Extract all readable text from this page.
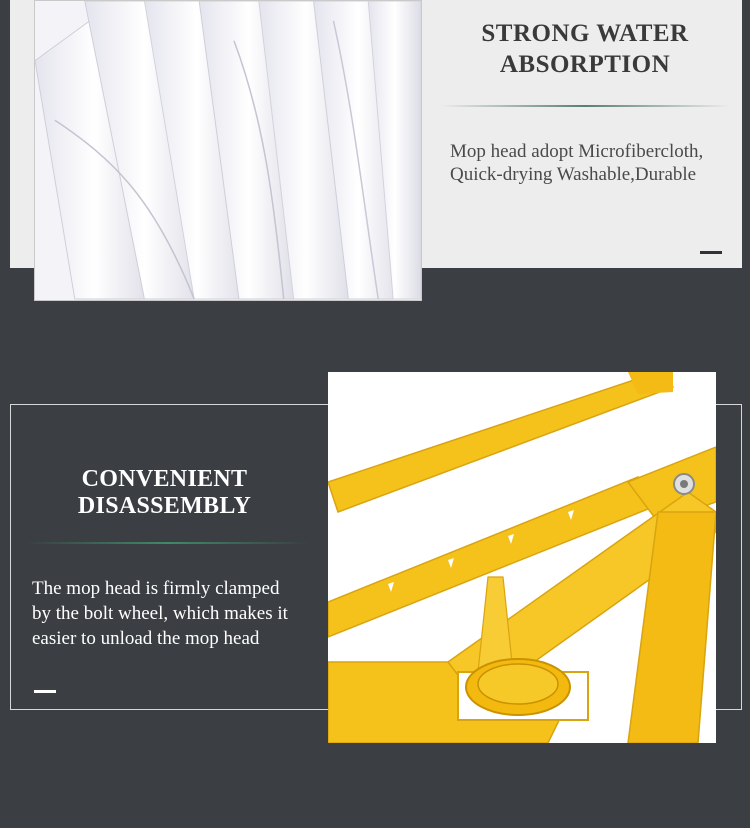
STRONG WATER
ABSORPTION
Mop head adopt Microfibercloth,
Quick-drying Washable,Durable
CONVENIENT
DISASSEMBLY
The mop head is firmly clamped
by the bolt wheel, which makes it
easier to unload the mop head
